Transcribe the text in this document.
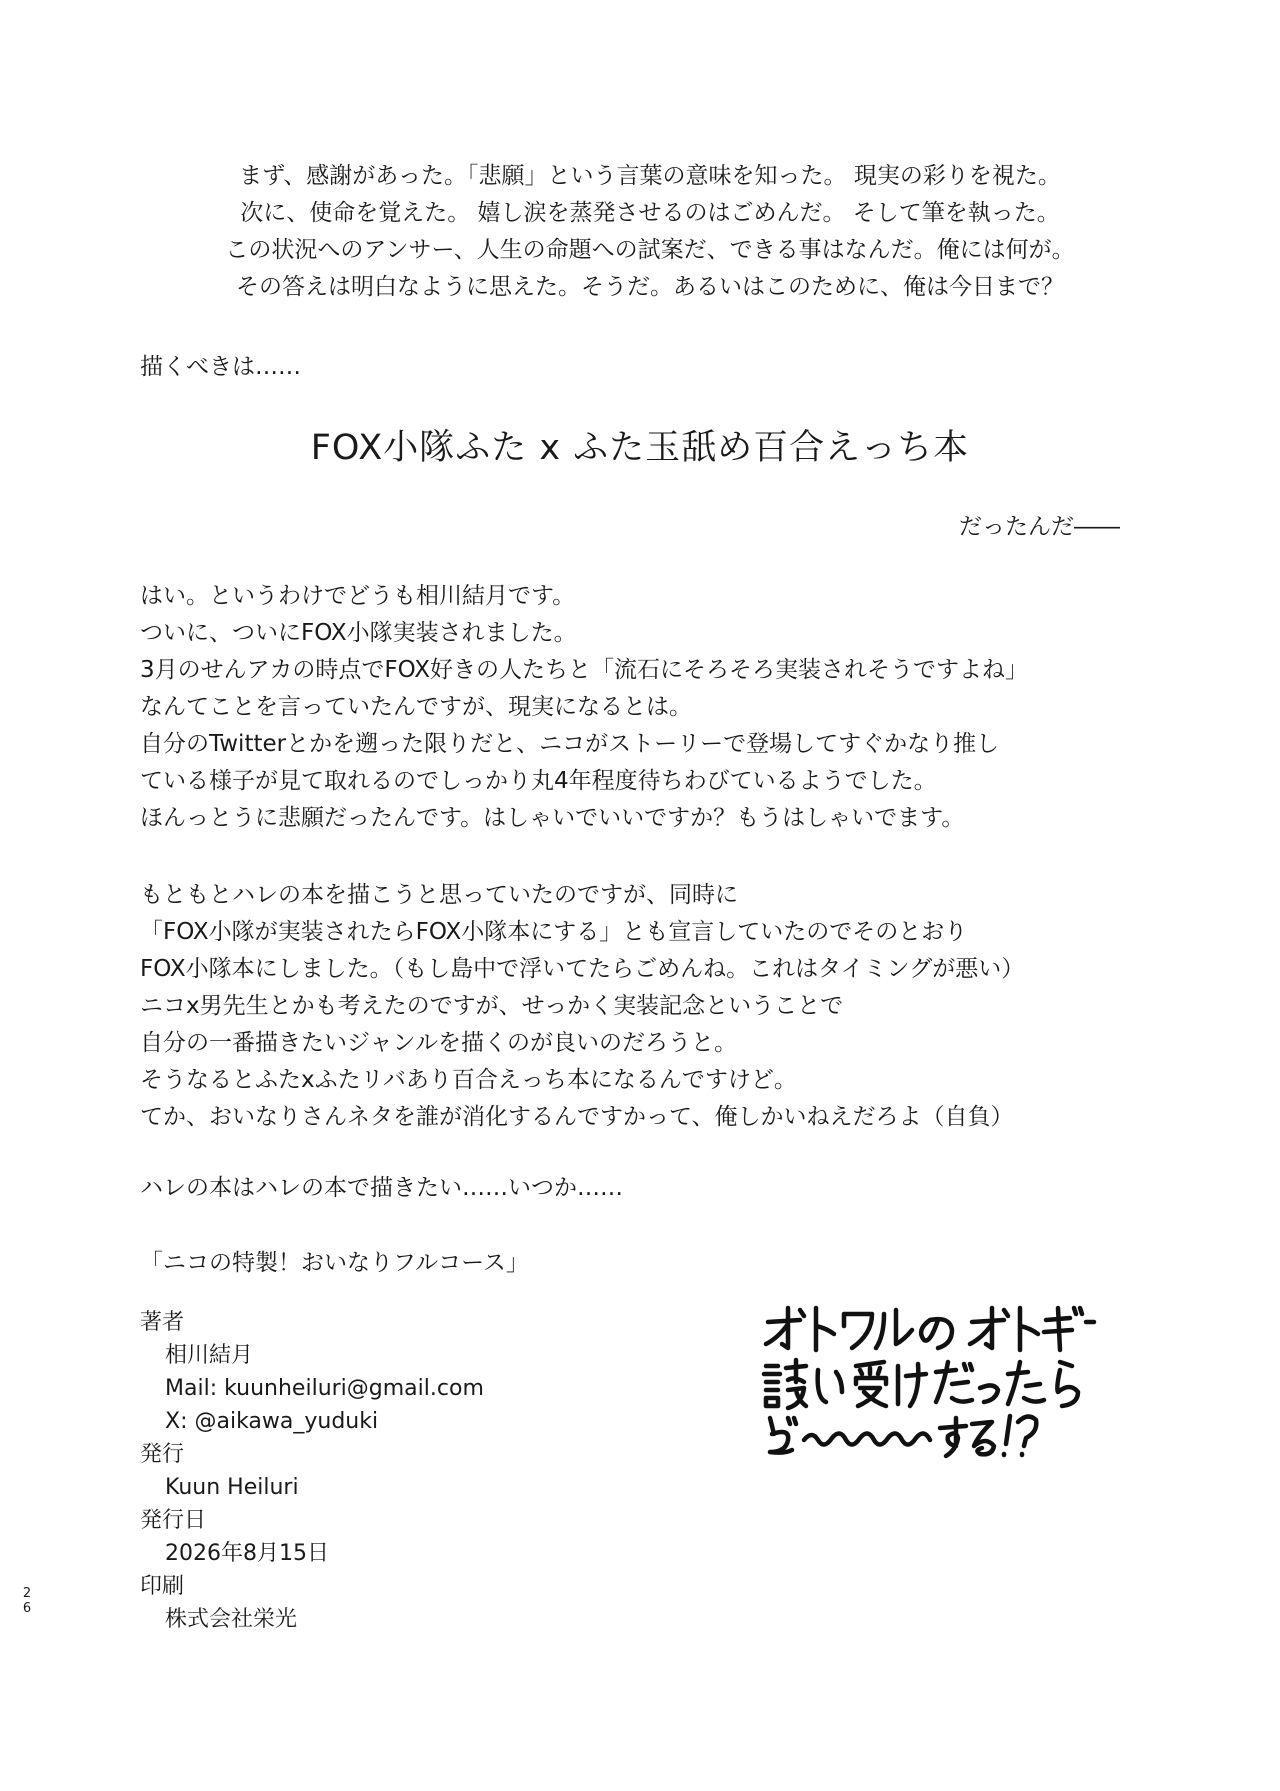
まず、感謝があった。「悲願」という言葉の意味を知った。 現実の彩りを視た。
次に、使命を覚えた。 嬉し涙を蒸発させるのはごめんだ。 そして筆を執った。
この状況へのアンサー、人生の命題への試案だ、できる事はなんだ。俺には何が。
その答えは明白なように思えた。そうだ。あるいはこのために、俺は今日まで？
描くべきは……
FOX小隊ふた x ふた玉舐め百合えっち本
だったんだ――
はい。というわけでどうも相川結月です。
ついに、ついにFOX小隊実装されました。
3月のせんアカの時点でFOX好きの人たちと「流石にそろそろ実装されそうですよね」
なんてことを言っていたんですが、現実になるとは。
自分のTwitterとかを遡った限りだと、ニコがストーリーで登場してすぐかなり推し
ている様子が見て取れるのでしっかり丸4年程度待ちわびているようでした。
ほんっとうに悲願だったんです。はしゃいでいいですか？もうはしゃいでます。
もともとハレの本を描こうと思っていたのですが、同時に
「FOX小隊が実装されたらFOX小隊本にする」とも宣言していたのでそのとおり
FOX小隊本にしました。（もし島中で浮いてたらごめんね。これはタイミングが悪い）
ニコx男先生とかも考えたのですが、せっかく実装記念ということで
自分の一番描きたいジャンルを描くのが良いのだろうと。
そうなるとふたxふたリバあり百合えっち本になるんですけど。
てか、おいなりさんネタを誰が消化するんですかって、俺しかいねえだろよ（自負）
ハレの本はハレの本で描きたい……いつか……
「ニコの特製！おいなりフルコース」
著者
相川結月
Mail: kuunheiluri@gmail.com
X: @aikawa_yuduki
発行
Kuun Heiluri
発行日
2026年8月15日
印刷
株式会社栄光
2
6
